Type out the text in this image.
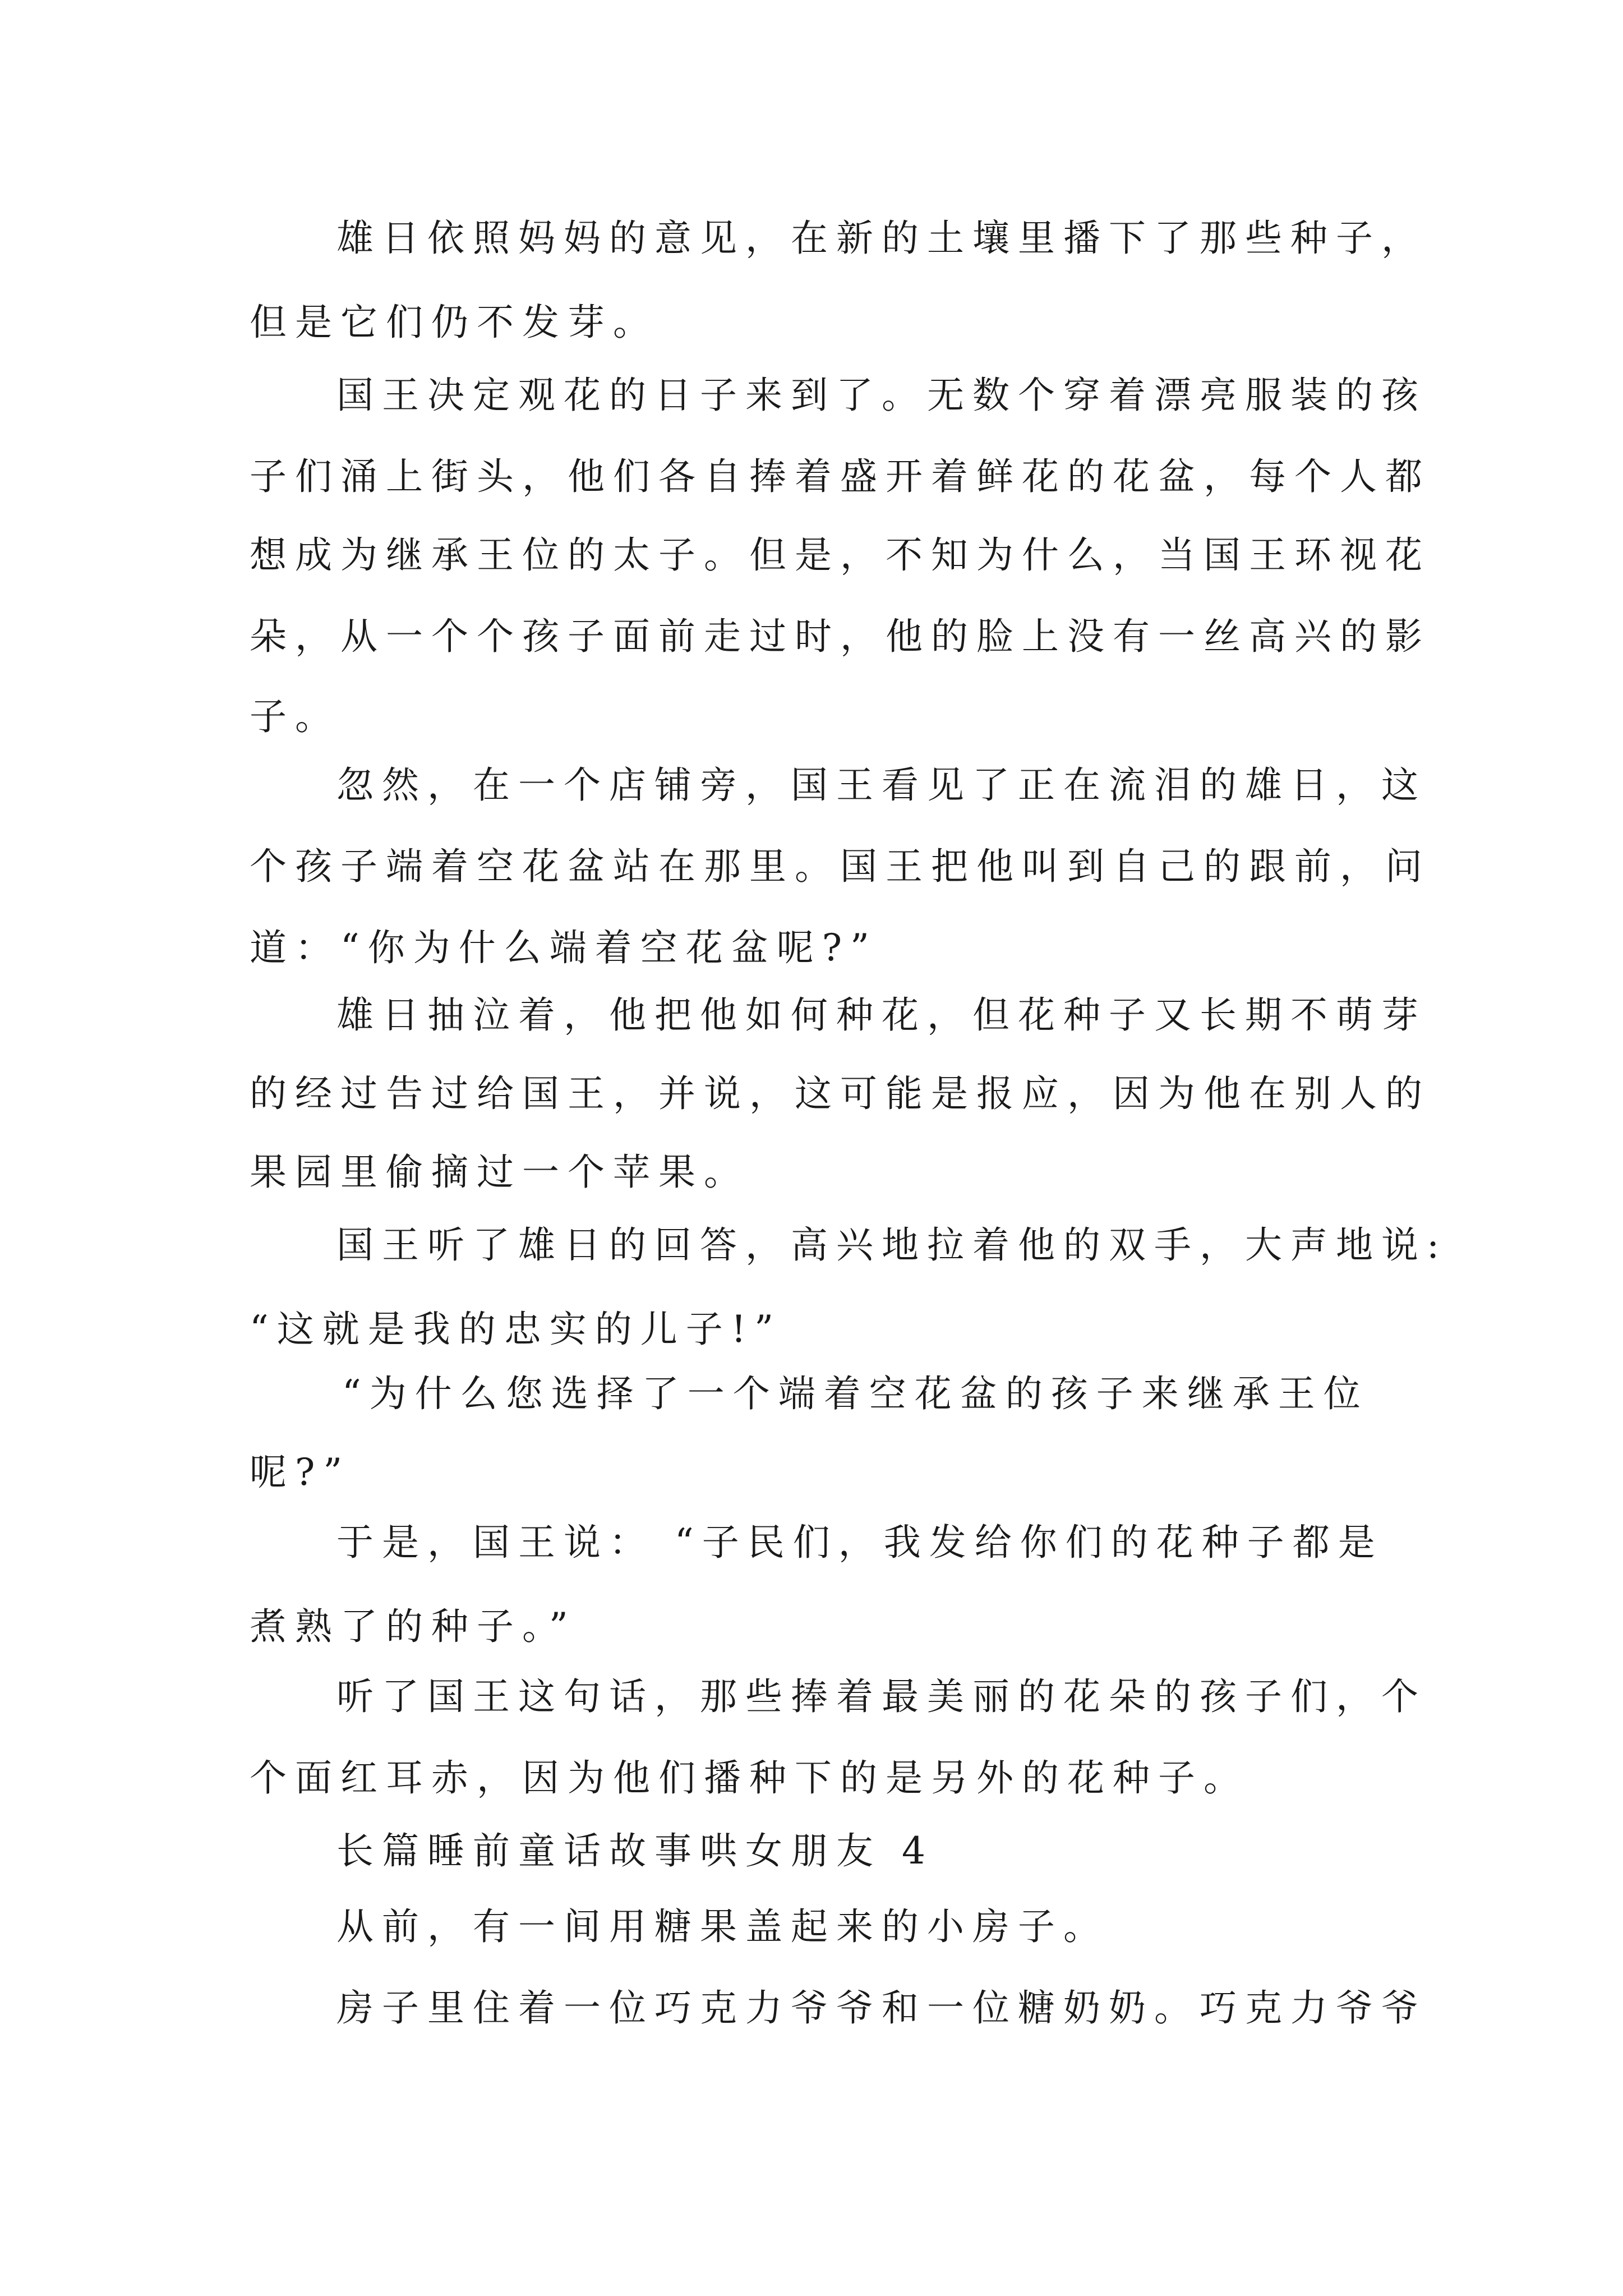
雄日依照妈妈的意见，在新的土壤里播下了那些种子，
但是它们仍不发芽。
国王决定观花的日子来到了。无数个穿着漂亮服装的孩
子们涌上街头，他们各自捧着盛开着鲜花的花盆，每个人都
想成为继承王位的太子。但是，不知为什么，当国王环视花
朵，从一个个孩子面前走过时，他的脸上没有一丝高兴的影
子。
忽然，在一个店铺旁，国王看见了正在流泪的雄日，这
个孩子端着空花盆站在那里。国王把他叫到自己的跟前，问
道：“你为什么端着空花盆呢?”
雄日抽泣着，他把他如何种花，但花种子又长期不萌芽
的经过告过给国王，并说，这可能是报应，因为他在别人的
果园里偷摘过一个苹果。
国王听了雄日的回答，高兴地拉着他的双手，大声地说:
“这就是我的忠实的儿子!”
“为什么您选择了一个端着空花盆的孩子来继承王位
呢?”
于是，国王说： “子民们，我发给你们的花种子都是
煮熟了的种子。”
听了国王这句话，那些捧着最美丽的花朵的孩子们，个
个面红耳赤，因为他们播种下的是另外的花种子。
长篇睡前童话故事哄女朋友 4
从前，有一间用糖果盖起来的小房子。
房子里住着一位巧克力爷爷和一位糖奶奶。巧克力爷爷
